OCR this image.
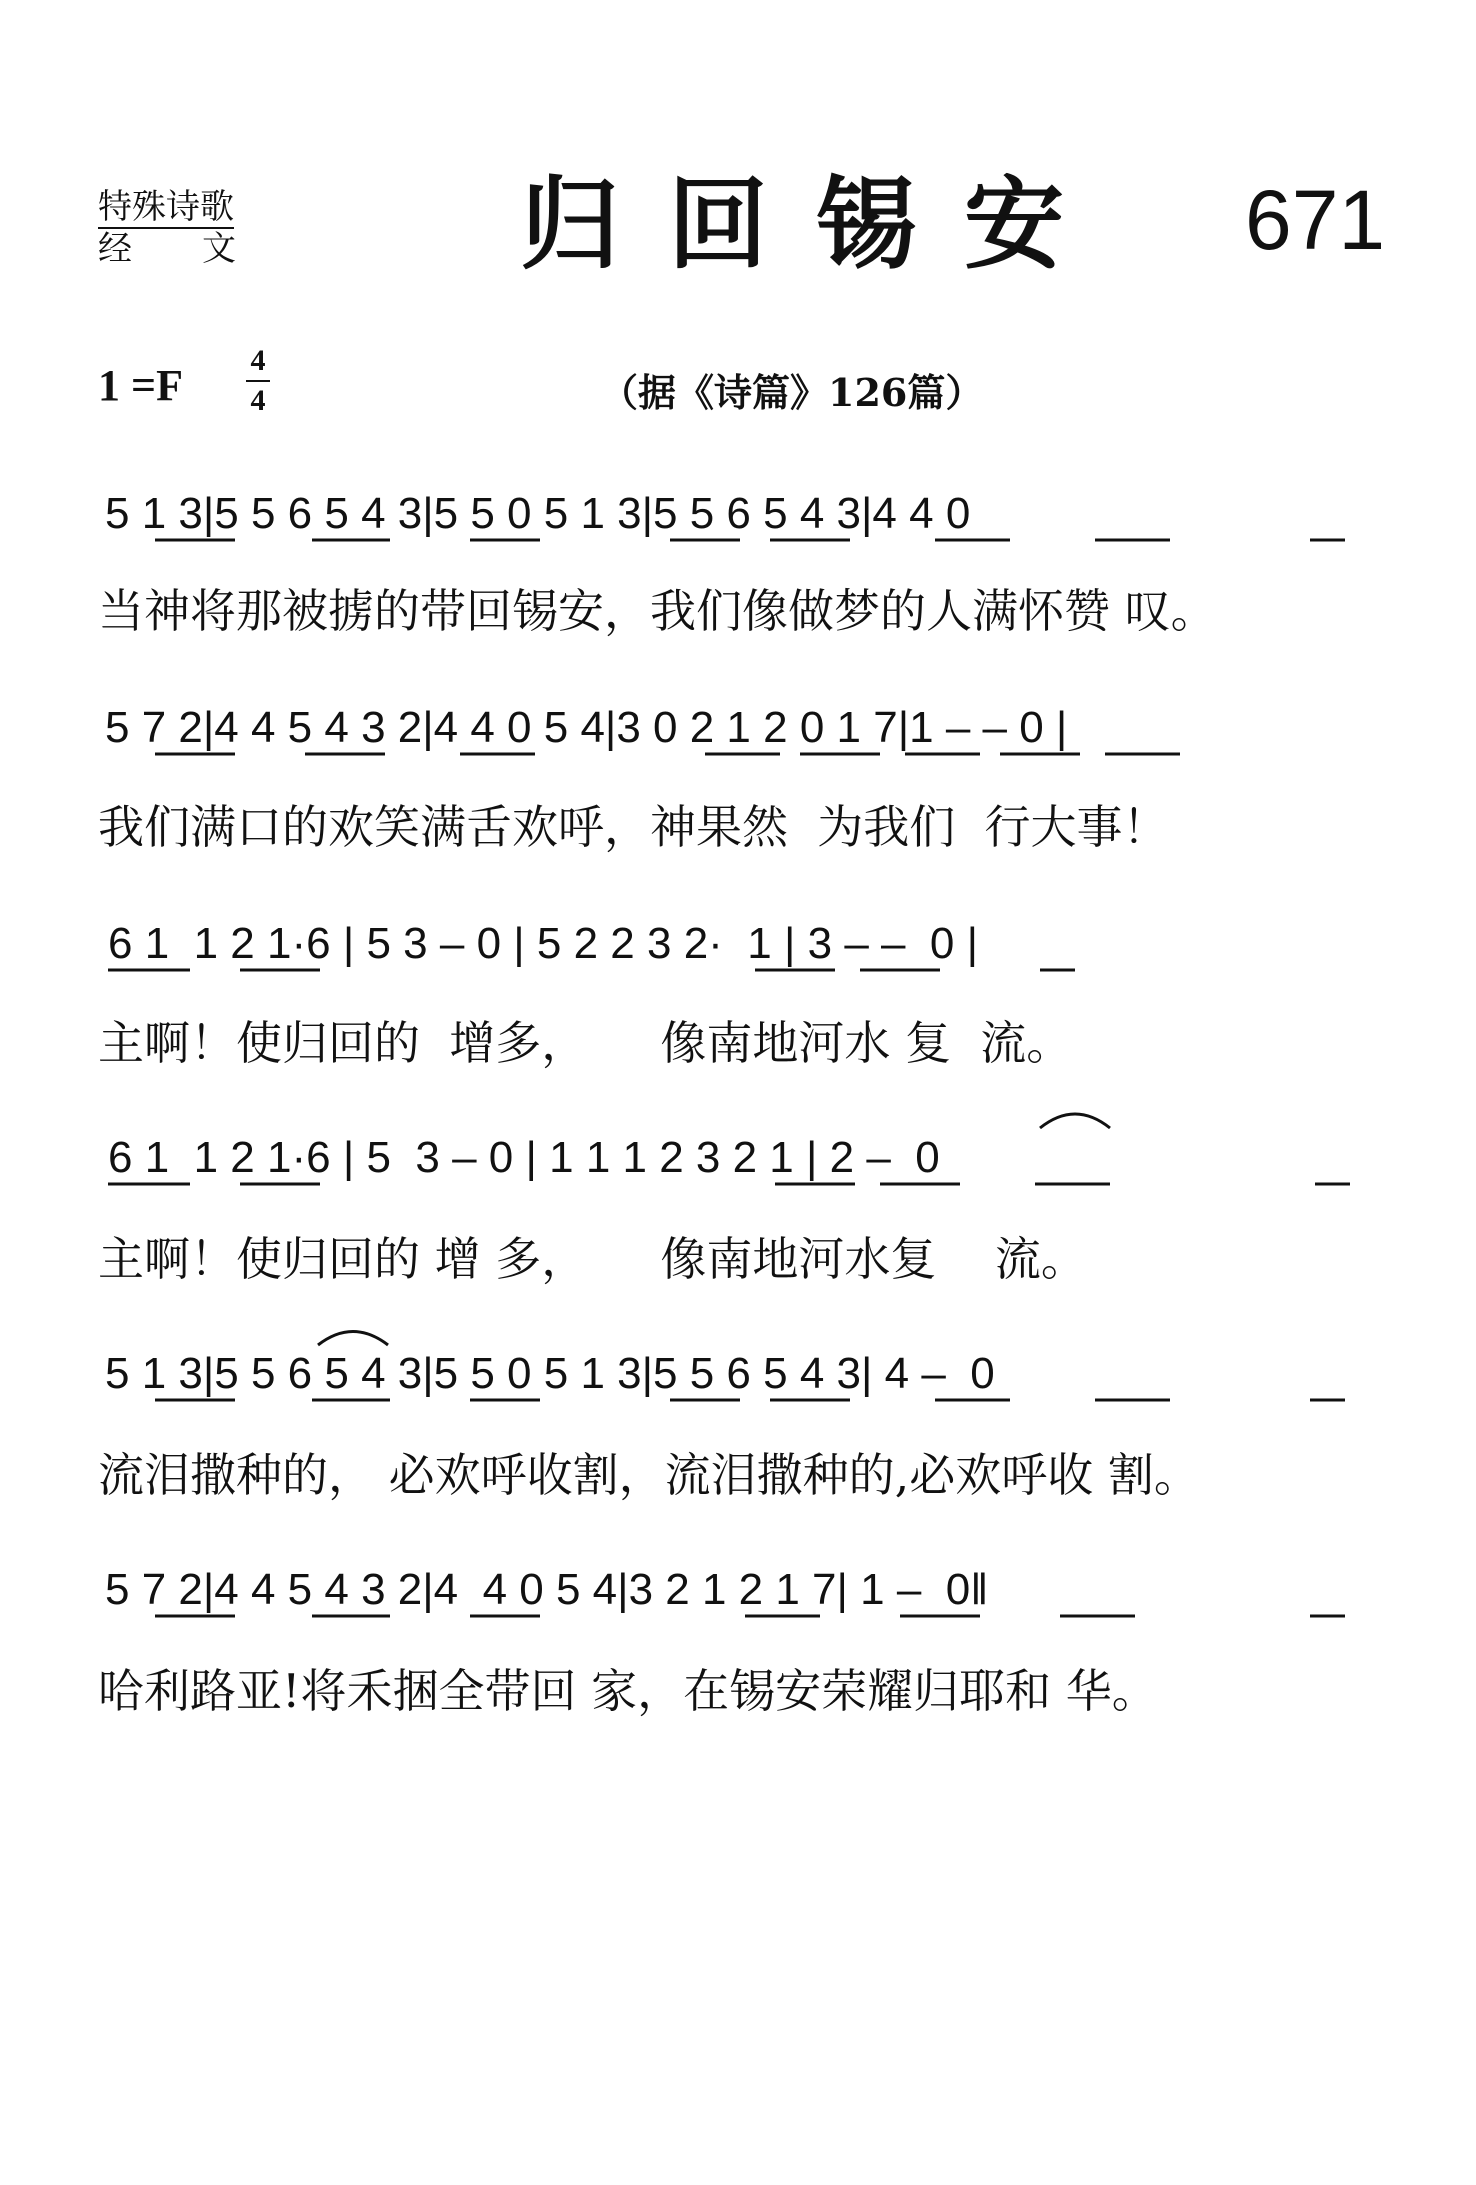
特殊诗歌
经 文	归回锡安 671
1 =F
4
4	（据《诗篇》126篇）
5 1 3|5 5 6 5 4 3|5 5 0 5 1 3|5 5 6 5 4 3|4 4 0
5 7 2|4 4 5 4 3 2|4 4 0 5 4|3 0 2 1 2 0 1 7|1 – – 0 |
6 1  1 2 1·6 | 5 3 – 0 | 5 2 2 3 2·  1 | 3 – –  0 |
6 1  1 2 1·6 | 5  3 – 0 | 1 1 1 2 3 2 1 | 2 –  0
5 1 3|5 5 6 5 4 3|5 5 0 5 1 3|5 5 6 5 4 3| 4 –  0
5 7 2|4 4 5 4 3 2|4  4 0 5 4|3 2 1 2 1 7| 1 –  0‖
当神将那被掳的带回锡安，我们像做梦的人满怀赞 叹。
我们满口的欢笑满舌欢呼，神果然  为我们  行大事！
主啊！使归回的  增多，     像南地河水 复  流。
主啊！使归回的 增 多，     像南地河水复    流。
流泪撒种的， 必欢呼收割，流泪撒种的,必欢呼收 割。
哈利路亚!将禾捆全带回 家，在锡安荣耀归耶和 华。
